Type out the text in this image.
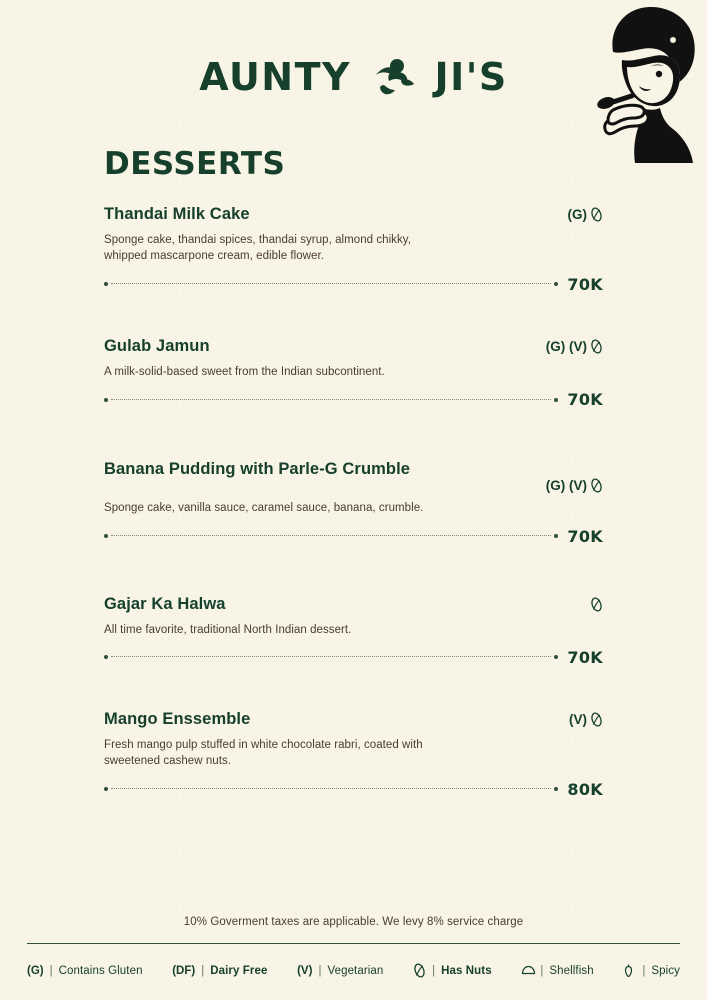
AUNTY JI'S
DESSERTS
Thandai Milk Cake	(G)
Sponge cake, thandai spices, thandai syrup, almond chikky, whipped mascarpone cream, edible flower.
70K
Gulab Jamun	(G) (V)
A milk-solid-based sweet from the Indian subcontinent.
70K
Banana Pudding with Parle-G Crumble
(G) (V)
Sponge cake, vanilla sauce, caramel sauce, banana, crumble.
70K
Gajar Ka Halwa
All time favorite, traditional North Indian dessert.
70K
Mango Enssemble	(V)
Fresh mango pulp stuffed in white chocolate rabri, coated with sweetened cashew nuts.
80K
10% Goverment taxes are applicable. We levy 8% service charge
(G) | Contains Gluten	(DF) | Dairy Free	(V) | Vegetarian	| Has Nuts	| Shellfish	| Spicy
